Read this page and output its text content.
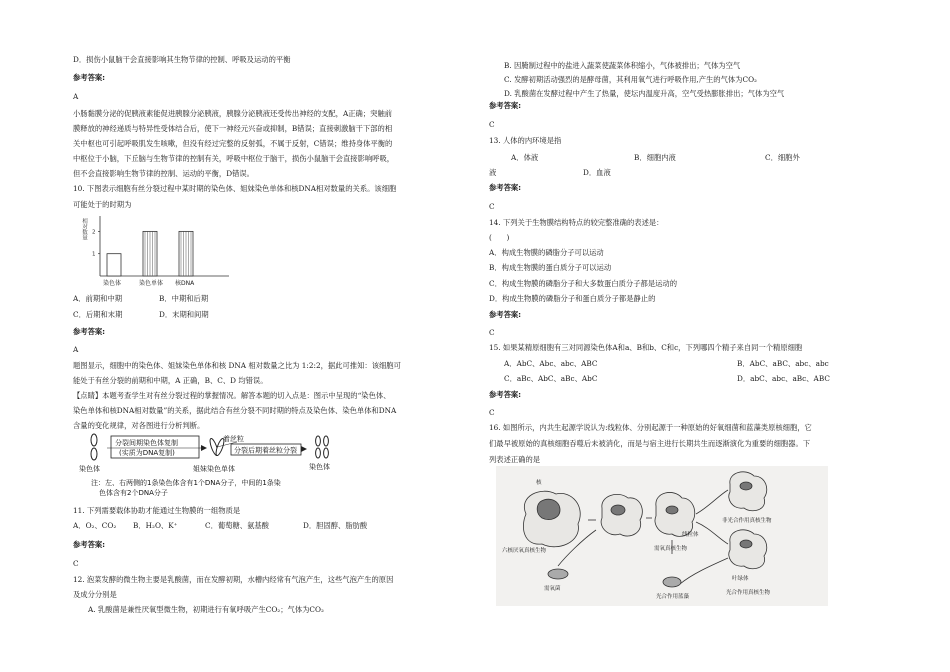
D．损伤小鼠脑干会直接影响其生物节律的控制、呼吸及运动的平衡
参考答案:
A
小肠黏膜分泌的促胰液素能促进胰腺分泌胰液，胰腺分泌胰液还受传出神经的支配，A正确；突触前
膜释放的神经递质与特异性受体结合后，使下一神经元兴奋或抑制，B错误；直接刺激脑干下部的相
关中枢也可引起呼吸肌发生咳嗽，但没有经过完整的反射弧，不属于反射，C错误；维持身体平衡的
中枢位于小脑，下丘脑与生物节律的控制有关，呼吸中枢位于脑干，损伤小鼠脑干会直接影响呼吸，
但不会直接影响生物节律的控制、运动的平衡，D错误。
10. 下图表示细胞有丝分裂过程中某时期的染色体、姐妹染色单体和核DNA相对数量的关系。该细胞
可能处于的时期为
相对数量
1
2
染色体	染色单体 核DNA
A．前期和中期	B．中期和后期
C．后期和末期	D．末期和间期
参考答案:
A
题图显示，细胞中的染色体、姐妹染色单体和核 DNA 相对数量之比为 1:2:2，据此可推知：该细胞可
能处于有丝分裂的前期和中期，A 正确，B、C、D 均错误。
【点睛】本题考查学生对有丝分裂过程的掌握情况。解答本题的切入点是：图示中呈现的“染色体、
染色单体和核DNA相对数量”的关系，据此结合有丝分裂不同时期的特点及染色体、染色单体和DNA
含量的变化规律，对各图进行分析判断。
分裂间期染色体复制
(实质为DNA复制)
着丝粒
分裂后期着丝粒分裂
染色体	姐妹染色单体	染色体
注：左、右两侧的1条染色体含有1个DNA分子，中间的1条染
色体含有2个DNA分子
11. 下列需要载体协助才能通过生物膜的一组物质是
A．O₂、CO₂ B．H₂O、K⁺	C．葡萄糖、氨基酸	D．胆固醇、脂肪酸
参考答案:
C
12. 泡菜发酵的微生物主要是乳酸菌，而在发酵初期，水槽内经常有气泡产生，这些气泡产生的原因
及成分分别是
A. 乳酸菌是兼性厌氧型微生物，初期进行有氧呼吸产生CO₂；气体为CO₂
B. 因腌制过程中的盐进入蔬菜使蔬菜体积缩小，气体被排出；气体为空气
C. 发酵初期活动强烈的是酵母菌，其利用氧气进行呼吸作用,产生的气体为CO₂
D. 乳酸菌在发酵过程中产生了热量，使坛内温度升高，空气受热膨胀排出；气体为空气
参考答案:
C
13. 人体的内环境是指
A．体液	B．细胞内液	C．细胞外
液	D．血液
参考答案:
C
14. 下列关于生物膜结构特点的较完整准确的表述是：
(　　)
A．构成生物膜的磷脂分子可以运动
B．构成生物膜的蛋白质分子可以运动
C．构成生物膜的磷脂分子和大多数蛋白质分子都是运动的
D．构成生物膜的磷脂分子和蛋白质分子都是静止的
参考答案:
C
15. 如果某精原细胞有三对同源染色体A和a、B和b、C和c，下列哪四个精子来自同一个精原细胞
A．AbC、Abc、abc、ABC	B．AbC、aBC、abc、abc
C．aBc、AbC、aBc、AbC	D．abC、abc、aBc、ABC
参考答案:
C
16. 如图所示，内共生起源学说认为:线粒体、分别起源于一种原始的好氧细菌和蓝藻类原核细胞，它
们最早被原始的真核细胞吞噬后未被消化，而是与宿主进行长期共生而逐渐演化为重要的细胞器。下
列表述正确的是
核
六核厌氧真核生物
需氧菌
需氧真核生物
线粒体
非光合作用真核生物
光合作用蓝藻
叶绿体
光合作用真核生物
